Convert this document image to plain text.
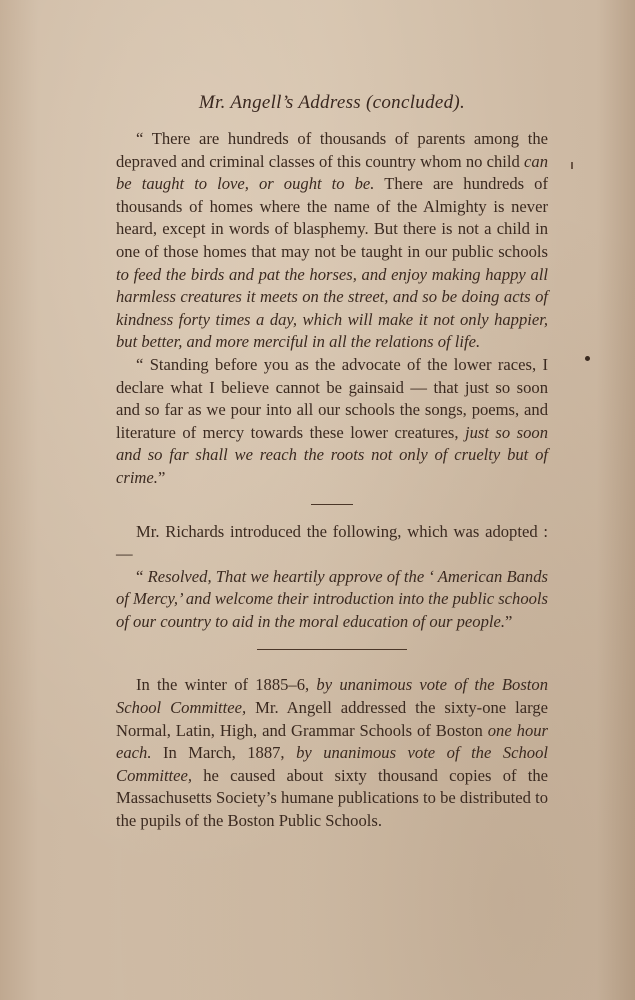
Mr. Angell’s Address (concluded).

“ There are hundreds of thousands of parents among the depraved and criminal classes of this country whom no child can be taught to love, or ought to be. There are hundreds of thousands of homes where the name of the Almighty is never heard, except in words of blasphemy. But there is not a child in one of those homes that may not be taught in our public schools to feed the birds and pat the horses, and enjoy making happy all harmless creatures it meets on the street, and so be doing acts of kindness forty times a day, which will make it not only happier, but better, and more merciful in all the relations of life.

“ Standing before you as the advocate of the lower races, I declare what I believe cannot be gainsaid — that just so soon and so far as we pour into all our schools the songs, poems, and literature of mercy towards these lower creatures, just so soon and so far shall we reach the roots not only of cruelty but of crime.”

Mr. Richards introduced the following, which was adopted : —

“ Resolved, That we heartily approve of the ‘ American Bands of Mercy,’ and welcome their introduction into the public schools of our country to aid in the moral education of our people.”

In the winter of 1885–6, by unanimous vote of the Boston School Committee, Mr. Angell addressed the sixty-one large Normal, Latin, High, and Grammar Schools of Boston one hour each. In March, 1887, by unanimous vote of the School Committee, he caused about sixty thousand copies of the Massachusetts Society’s humane publications to be distributed to the pupils of the Boston Public Schools.
